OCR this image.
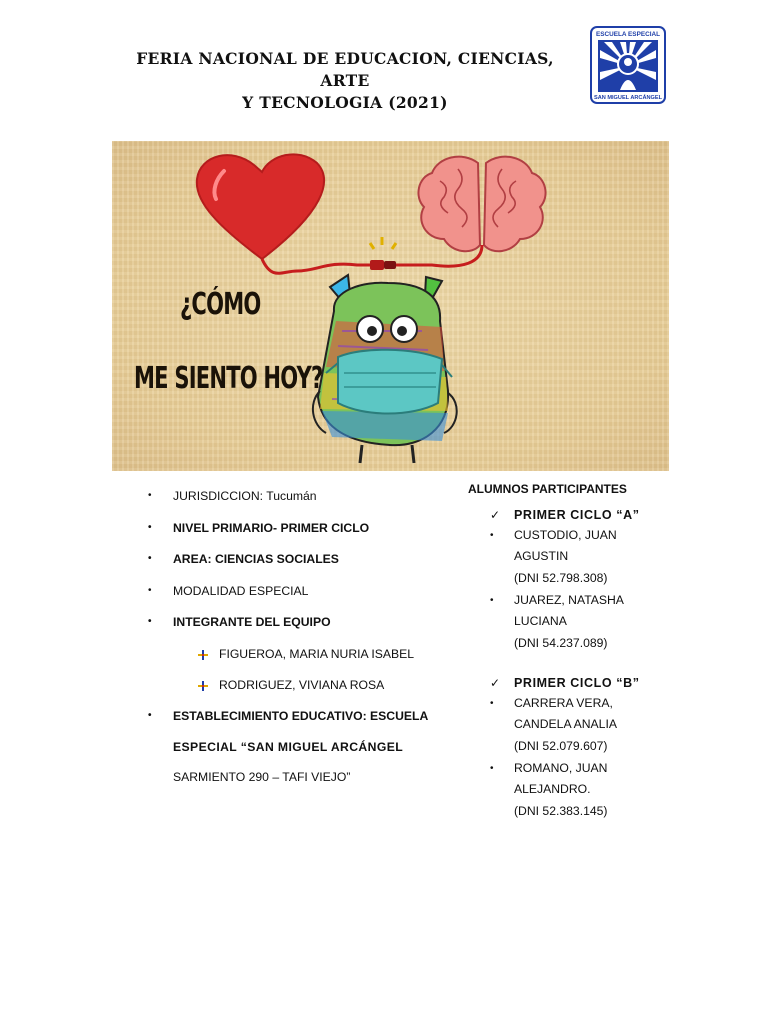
FERIA NACIONAL DE EDUCACION, CIENCIAS, ARTE
Y TECNOLOGIA (2021)
ESCUELA ESPECIAL
SAN MIGUEL ARCÁNGEL
¿CÓMO
ME SIENTO HOY?
• JURISDICCION: Tucumán
• NIVEL PRIMARIO- PRIMER CICLO
• AREA: CIENCIAS SOCIALES
• MODALIDAD ESPECIAL
• INTEGRANTE DEL EQUIPO
FIGUEROA, MARIA NURIA ISABEL
RODRIGUEZ, VIVIANA ROSA
• ESTABLECIMIENTO EDUCATIVO: ESCUELA
ESPECIAL “SAN MIGUEL ARCÁNGEL
SARMIENTO 290 – TAFI VIEJO”
ALUMNOS PARTICIPANTES
✓ PRIMER CICLO “A”
• CUSTODIO, JUAN
AGUSTIN
(DNI 52.798.308)
• JUAREZ, NATASHA
LUCIANA
(DNI 54.237.089)
✓ PRIMER CICLO “B”
• CARRERA VERA,
CANDELA ANALIA
(DNI 52.079.607)
• ROMANO, JUAN
ALEJANDRO.
(DNI 52.383.145)
